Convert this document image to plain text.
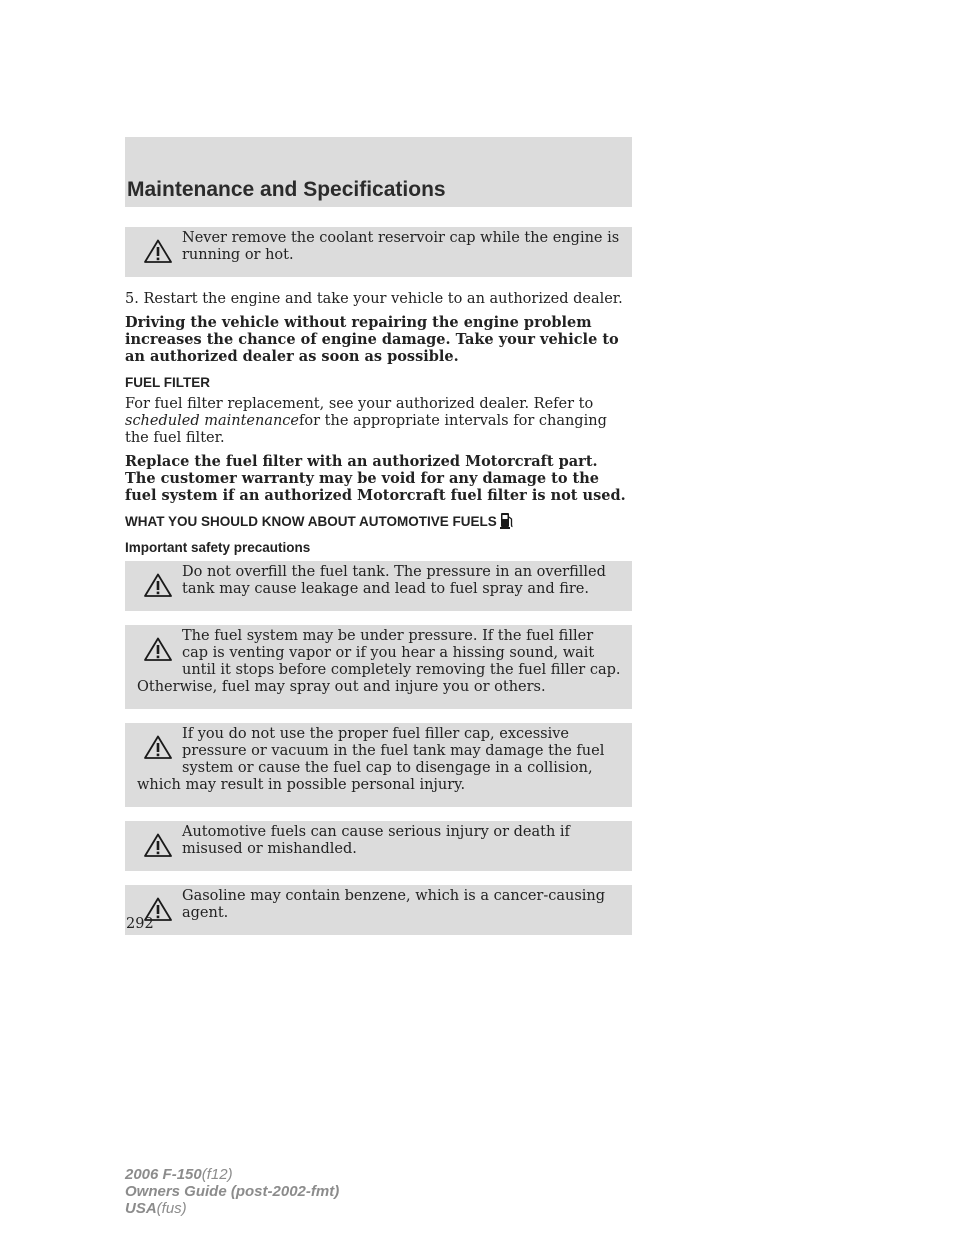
Maintenance and Specifications

Never remove the coolant reservoir cap while the engine is running or hot.

5. Restart the engine and take your vehicle to an authorized dealer.

Driving the vehicle without repairing the engine problem increases the chance of engine damage. Take your vehicle to an authorized dealer as soon as possible.

FUEL FILTER

For fuel filter replacement, see your authorized dealer. Refer to scheduled maintenancefor the appropriate intervals for changing the fuel filter.

Replace the fuel filter with an authorized Motorcraft part. The customer warranty may be void for any damage to the fuel system if an authorized Motorcraft fuel filter is not used.

WHAT YOU SHOULD KNOW ABOUT AUTOMOTIVE FUELS
Important safety precautions

Do not overfill the fuel tank. The pressure in an overfilled tank may cause leakage and lead to fuel spray and fire.

The fuel system may be under pressure. If the fuel filler cap is venting vapor or if you hear a hissing sound, wait until it stops before completely removing the fuel filler cap. Otherwise, fuel may spray out and injure you or others.

If you do not use the proper fuel filler cap, excessive pressure or vacuum in the fuel tank may damage the fuel system or cause the fuel cap to disengage in a collision, which may result in possible personal injury.

Automotive fuels can cause serious injury or death if misused or mishandled.

Gasoline may contain benzene, which is a cancer-causing agent.

292
2006 F-150(f12)
Owners Guide (post-2002-fmt)
USA(fus)
